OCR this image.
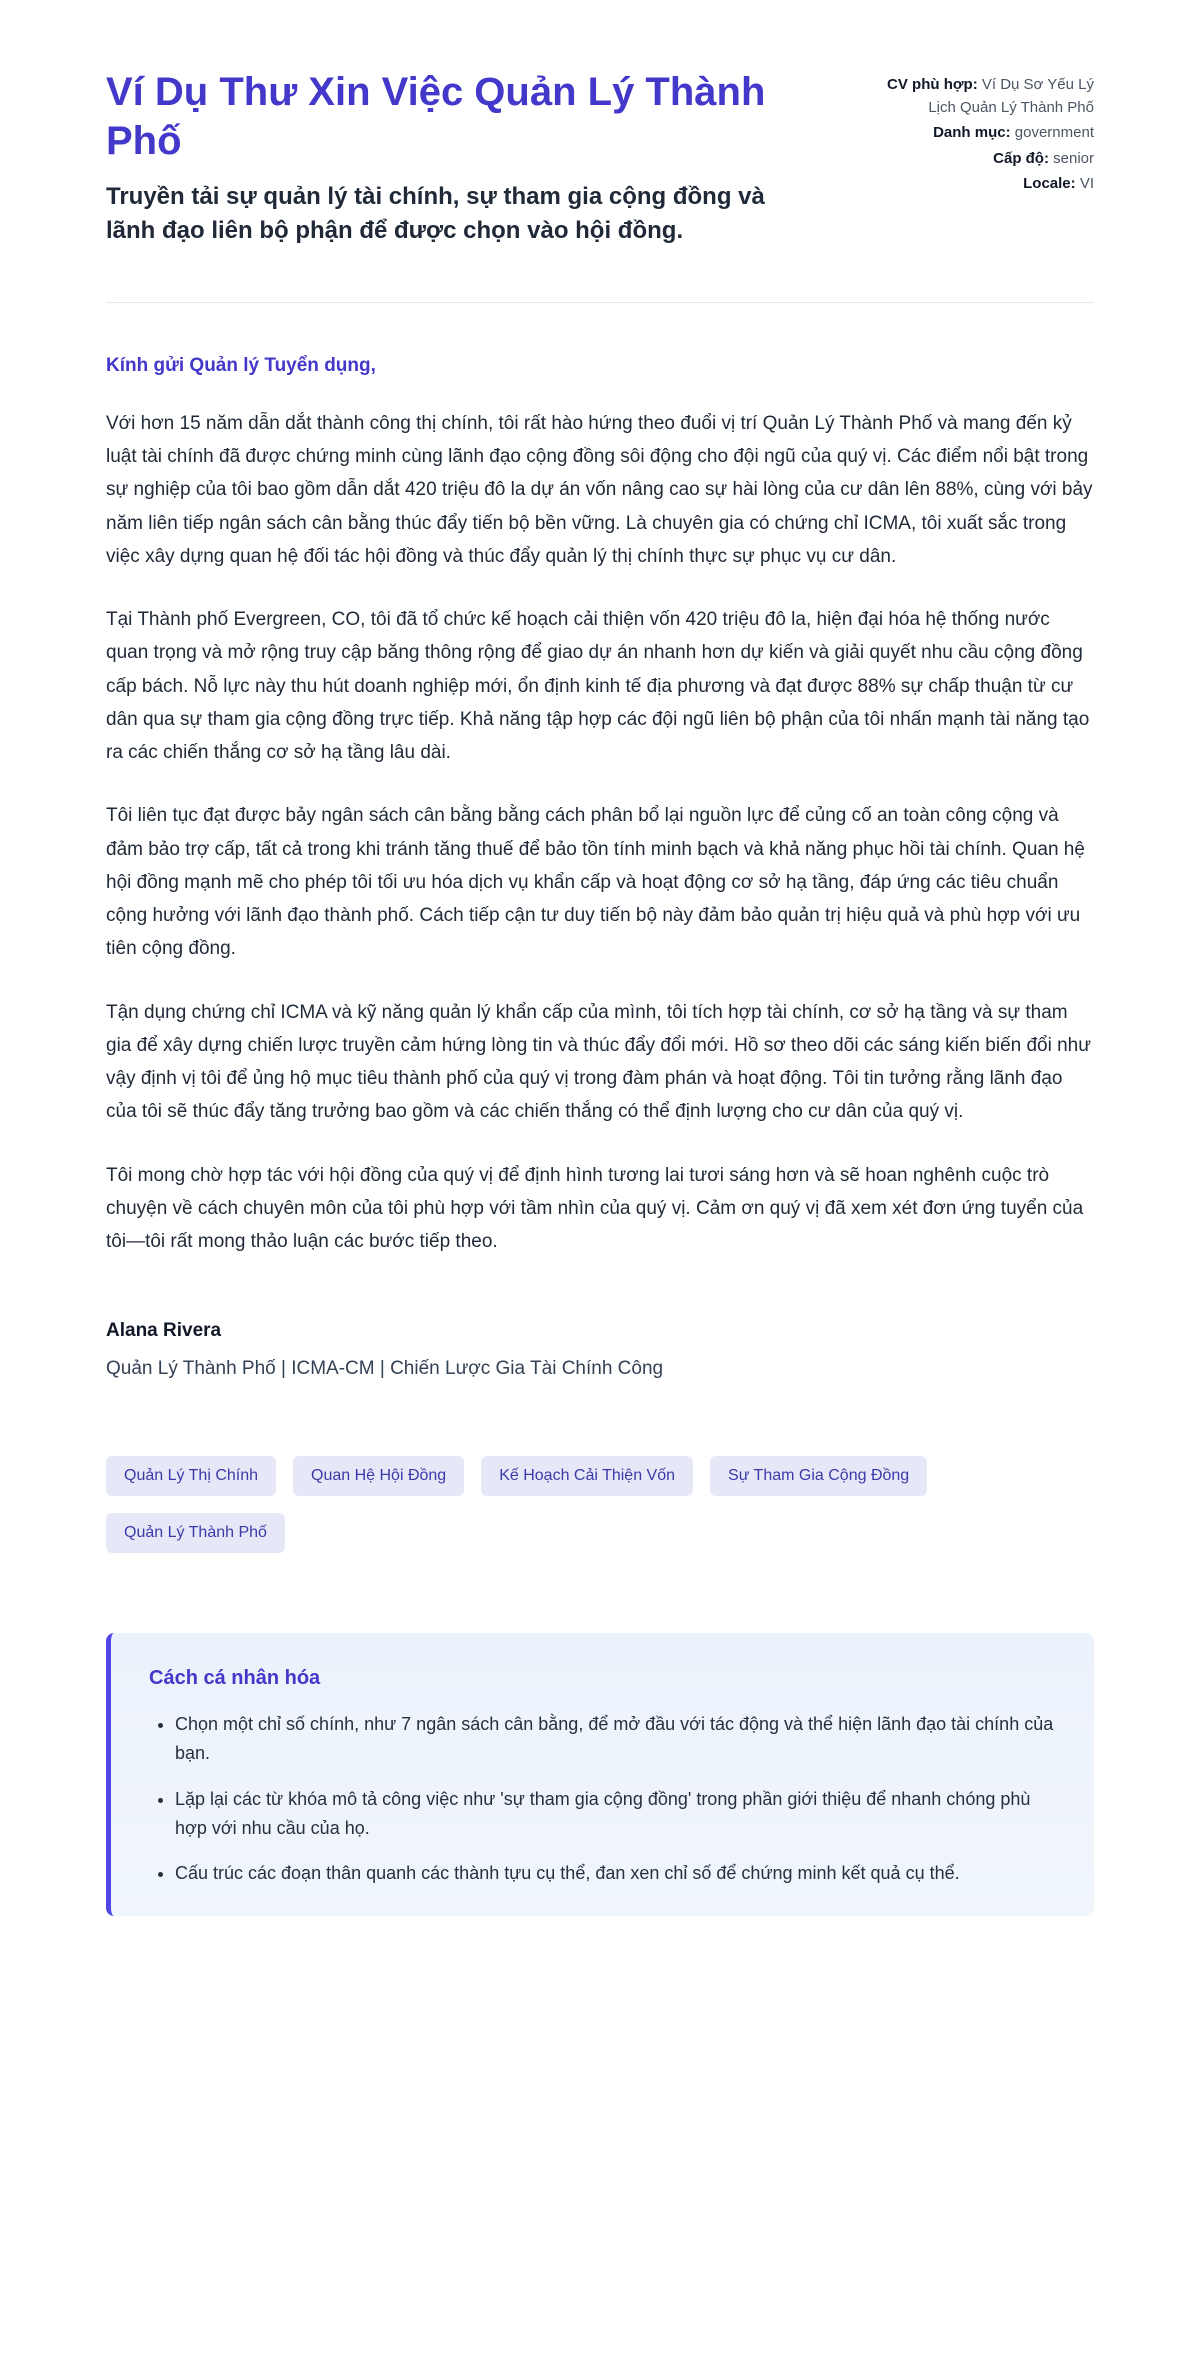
Ví Dụ Thư Xin Việc Quản Lý Thành Phố

Truyền tải sự quản lý tài chính, sự tham gia cộng đồng và lãnh đạo liên bộ phận để được chọn vào hội đồng.

CV phù hợp: Ví Dụ Sơ Yếu Lý Lịch Quản Lý Thành Phố
Danh mục: government
Cấp độ: senior
Locale: VI

Kính gửi Quản lý Tuyển dụng,

Với hơn 15 năm dẫn dắt thành công thị chính, tôi rất hào hứng theo đuổi vị trí Quản Lý Thành Phố và mang đến kỷ luật tài chính đã được chứng minh cùng lãnh đạo cộng đồng sôi động cho đội ngũ của quý vị. Các điểm nổi bật trong sự nghiệp của tôi bao gồm dẫn dắt 420 triệu đô la dự án vốn nâng cao sự hài lòng của cư dân lên 88%, cùng với bảy năm liên tiếp ngân sách cân bằng thúc đẩy tiến bộ bền vững. Là chuyên gia có chứng chỉ ICMA, tôi xuất sắc trong việc xây dựng quan hệ đối tác hội đồng và thúc đẩy quản lý thị chính thực sự phục vụ cư dân.

Tại Thành phố Evergreen, CO, tôi đã tổ chức kế hoạch cải thiện vốn 420 triệu đô la, hiện đại hóa hệ thống nước quan trọng và mở rộng truy cập băng thông rộng để giao dự án nhanh hơn dự kiến và giải quyết nhu cầu cộng đồng cấp bách. Nỗ lực này thu hút doanh nghiệp mới, ổn định kinh tế địa phương và đạt được 88% sự chấp thuận từ cư dân qua sự tham gia cộng đồng trực tiếp. Khả năng tập hợp các đội ngũ liên bộ phận của tôi nhấn mạnh tài năng tạo ra các chiến thắng cơ sở hạ tầng lâu dài.

Tôi liên tục đạt được bảy ngân sách cân bằng bằng cách phân bổ lại nguồn lực để củng cố an toàn công cộng và đảm bảo trợ cấp, tất cả trong khi tránh tăng thuế để bảo tồn tính minh bạch và khả năng phục hồi tài chính. Quan hệ hội đồng mạnh mẽ cho phép tôi tối ưu hóa dịch vụ khẩn cấp và hoạt động cơ sở hạ tầng, đáp ứng các tiêu chuẩn cộng hưởng với lãnh đạo thành phố. Cách tiếp cận tư duy tiến bộ này đảm bảo quản trị hiệu quả và phù hợp với ưu tiên cộng đồng.

Tận dụng chứng chỉ ICMA và kỹ năng quản lý khẩn cấp của mình, tôi tích hợp tài chính, cơ sở hạ tầng và sự tham gia để xây dựng chiến lược truyền cảm hứng lòng tin và thúc đẩy đổi mới. Hồ sơ theo dõi các sáng kiến biến đổi như vậy định vị tôi để ủng hộ mục tiêu thành phố của quý vị trong đàm phán và hoạt động. Tôi tin tưởng rằng lãnh đạo của tôi sẽ thúc đẩy tăng trưởng bao gồm và các chiến thắng có thể định lượng cho cư dân của quý vị.

Tôi mong chờ hợp tác với hội đồng của quý vị để định hình tương lai tươi sáng hơn và sẽ hoan nghênh cuộc trò chuyện về cách chuyên môn của tôi phù hợp với tầm nhìn của quý vị. Cảm ơn quý vị đã xem xét đơn ứng tuyển của tôi—tôi rất mong thảo luận các bước tiếp theo.

Alana Rivera
Quản Lý Thành Phố | ICMA-CM | Chiến Lược Gia Tài Chính Công
Quản Lý Thị Chính	Quan Hệ Hội Đồng	Kế Hoạch Cải Thiện Vốn	Sự Tham Gia Cộng Đồng
Quản Lý Thành Phố
Cách cá nhân hóa
• Chọn một chỉ số chính, như 7 ngân sách cân bằng, để mở đầu với tác động và thể hiện lãnh đạo tài chính của bạn.
• Lặp lại các từ khóa mô tả công việc như 'sự tham gia cộng đồng' trong phần giới thiệu để nhanh chóng phù hợp với nhu cầu của họ.
• Cấu trúc các đoạn thân quanh các thành tựu cụ thể, đan xen chỉ số để chứng minh kết quả cụ thể.
